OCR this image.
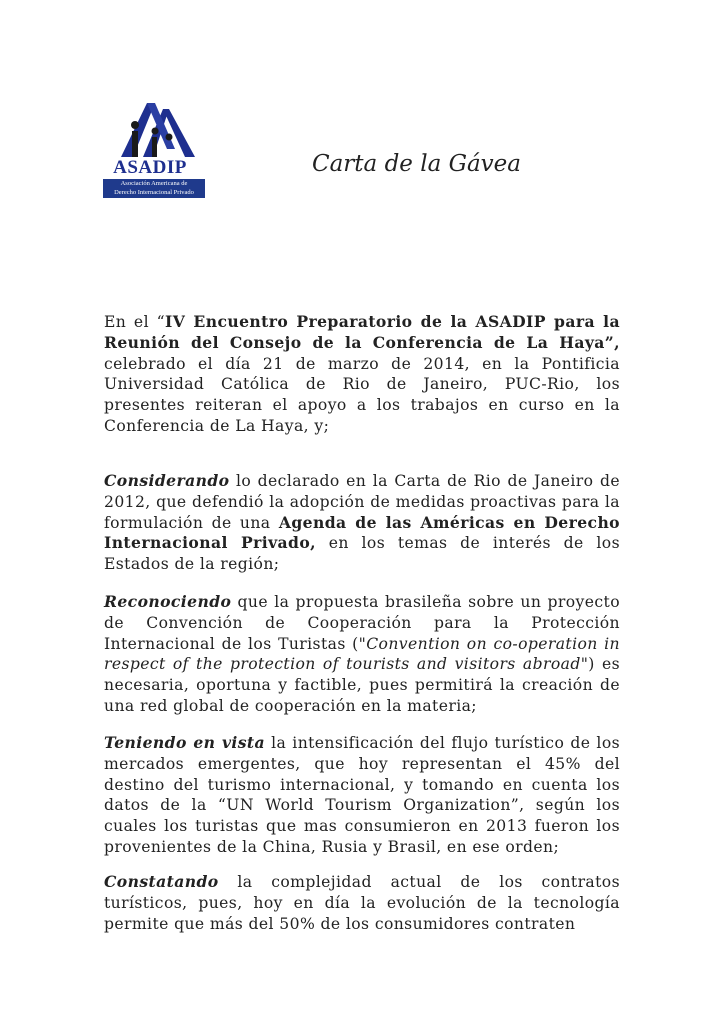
ASADIP
Asociación Americana de
Derecho Internacional Privado
Carta de la Gávea

En el “IV Encuentro Preparatorio de la ASADIP para la Reunión del Consejo de la Conferencia de La Haya”, celebrado el día 21 de marzo de 2014, en la Pontificia Universidad Católica de Rio de Janeiro, PUC-Rio, los presentes reiteran el apoyo a los trabajos en curso en la Conferencia de La Haya, y;

Considerando lo declarado en la Carta de Rio de Janeiro de 2012, que defendió la adopción de medidas proactivas para la formulación de una Agenda de las Américas en Derecho Internacional Privado, en los temas de interés de los Estados de la región;

Reconociendo que la propuesta brasileña sobre un proyecto de Convención de Cooperación para la Protección Internacional de los Turistas ("Convention on co-operation in respect of the protection of tourists and visitors abroad") es necesaria, oportuna y factible, pues permitirá la creación de una red global de cooperación en la materia;

Teniendo en vista la intensificación del flujo turístico de los mercados emergentes, que hoy representan el 45% del destino del turismo internacional, y tomando en cuenta los datos de la “UN World Tourism Organization”, según los cuales los turistas que mas consumieron en 2013 fueron los provenientes de la China, Rusia y Brasil, en ese orden;

Constatando la complejidad actual de los contratos turísticos, pues, hoy en día la evolución de la tecnología permite que más del 50% de los consumidores contraten
